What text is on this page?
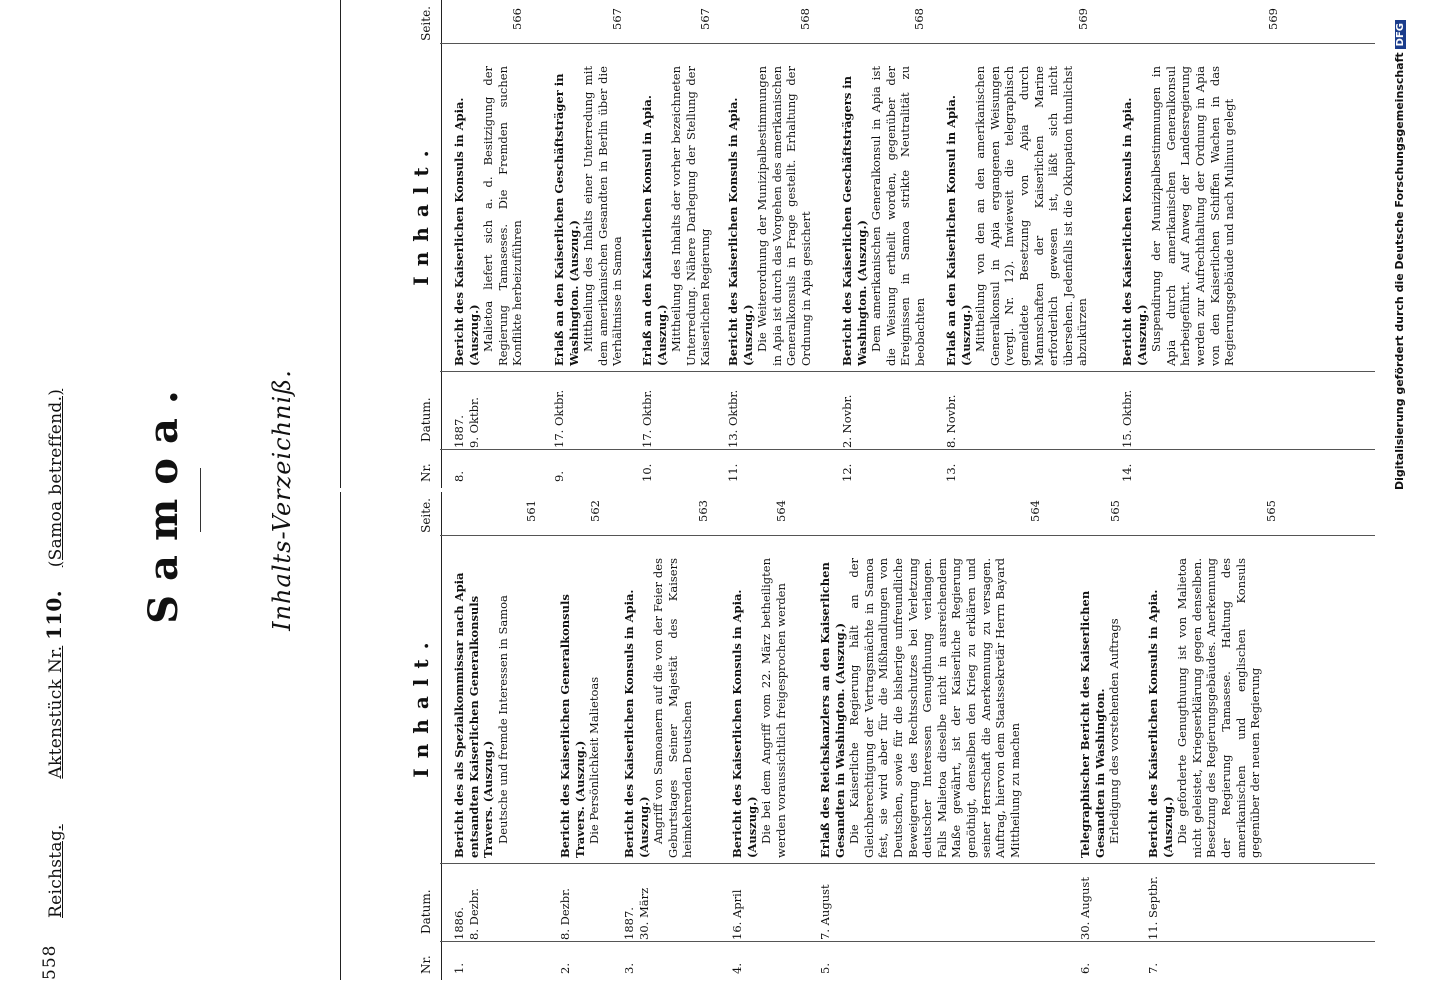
558
Reichstag.        Aktenstück Nr. 110.    (Samoa betreffend.) Samoa.	Inhalts-Verzeichniß.
Nr.
Datum.
Inhalt.
Seite.
1.
1886.
8. Dezbr.
Bericht des als Spezialkommissar nach Apia entsandten Kaiserlichen Generalkonsuls Travers. (Auszug.) Deutsche und fremde Interessen in Samoa
561
2.
8. Dezbr.
Bericht des Kaiserlichen Generalkonsuls Travers. (Auszug.) Die Persönlichkeit Malietoas
562
3.
1887.
30. März
Bericht des Kaiserlichen Konsuls in Apia. (Auszug.) Angriff von Samoanern auf die von der Feier des Geburtstages Seiner Majestät des Kaisers heimkehrenden Deutschen
563
4.
16. April
Bericht des Kaiserlichen Konsuls in Apia. (Auszug.) Die bei dem Angriff vom 22. März betheiligten werden voraussichtlich freigesprochen werden
564
5.
7. August
Erlaß des Reichskanzlers an den Kaiserlichen Gesandten in Washington. (Auszug.) Die Kaiserliche Regierung hält an der Gleichberechtigung der Vertragsmächte in Samoa fest, sie wird aber für die Mißhandlungen von Deutschen, sowie für die bisherige unfreundliche Beweigerung des Rechtsschutzes bei Verletzung deutscher Interessen Genugthuung verlangen. Falls Malietoa dieselbe nicht in ausreichendem Maße gewährt, ist der Kaiserliche Regierung genöthigt, denselben den Krieg zu erklären und seiner Herrschaft die Anerkennung zu versagen. Auftrag, hiervon dem Staatssekretär Herrn Bayard Mittheilung zu machen
564
6.
30. August
Telegraphischer Bericht des Kaiserlichen Gesandten in Washington. Erledigung des vorstehenden Auftrags
565
7.
11. Septbr.
Bericht des Kaiserlichen Konsuls in Apia. (Auszug.) Die geforderte Genugthuung ist von Malietoa nicht geleistet, Kriegserklärung gegen denselben. Besetzung des Regierungsgebäudes. Anerkennung der Regierung Tamasese. Haltung des amerikanischen und englischen Konsuls gegenüber der neuen Regierung
565
Nr.
Datum.
Inhalt.
Seite.
8.
1887.
9. Oktbr.
Bericht des Kaiserlichen Konsuls in Apia. (Auszug.) Malietoa liefert sich a. d. Besitzigung der Regierung Tamaseses. Die Fremden suchen Konflikte herbeizuführen
566
9.
17. Oktbr.
Erlaß an den Kaiserlichen Geschäftsträger in Washington. (Auszug.) Mittheilung des Inhalts einer Unterredung mit dem amerikanischen Gesandten in Berlin über die Verhältnisse in Samoa
567
10.
17. Oktbr.
Erlaß an den Kaiserlichen Konsul in Apia. (Auszug.) Mittheilung des Inhalts der vorher bezeichneten Unterredung. Nähere Darlegung der Stellung der Kaiserlichen Regierung
567
11.
13. Oktbr.
Bericht des Kaiserlichen Konsuls in Apia. (Auszug.) Die Weiterordnung der Munizipalbestimmungen in Apia ist durch das Vorgehen des amerikanischen Generalkonsuls in Frage gestellt. Erhaltung der Ordnung in Apia gesichert
568
12.
2. Novbr.
Bericht des Kaiserlichen Geschäftsträgers in Washington. (Auszug.) Dem amerikanischen Generalkonsul in Apia ist die Weisung ertheilt worden, gegenüber der Ereignissen in Samoa strikte Neutralität zu beobachten
568
13.
8. Novbr.
Erlaß an den Kaiserlichen Konsul in Apia. (Auszug.) Mittheilung von den an den amerikanischen Generalkonsul in Apia ergangenen Weisungen (vergl. Nr. 12). Inwieweit die telegraphisch gemeldete Besetzung von Apia durch Mannschaften der Kaiserlichen Marine erforderlich gewesen ist, läßt sich nicht übersehen. Jedenfalls ist die Okkupation thunlichst abzukürzen
569
14.
15. Oktbr.
Bericht des Kaiserlichen Konsuls in Apia. (Auszug.) Suspendirung der Munizipalbestimmungen in Apia durch amerikanischen Generalkonsul herbeigeführt. Auf Anweg der Landesregierung werden zur Aufrechthaltung der Ordnung in Apia von den Kaiserlichen Schiffen Wachen in das Regierungsgebäude und nach Mulinuu gelegt
569
Digitalisierung gefördert durch die Deutsche ForschungsgemeinschaftDFG
